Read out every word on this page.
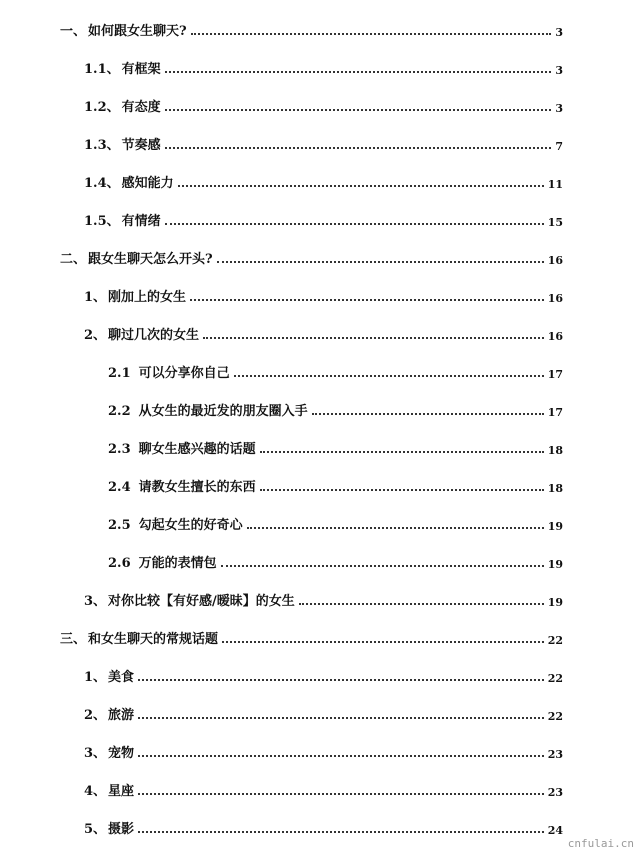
一、 如何跟女生聊天?	3
1.1、 有框架	3
1.2、 有态度	3
1.3、 节奏感	7
1.4、 感知能力	11
1.5、 有情绪	15
二、 跟女生聊天怎么开头?	16
1、 刚加上的女生	16
2、 聊过几次的女生	16
2.1 可以分享你自己	17
2.2 从女生的最近发的朋友圈入手	17
2.3 聊女生感兴趣的话题	18
2.4 请教女生擅长的东西	18
2.5 勾起女生的好奇心	19
2.6 万能的表情包	19
3、 对你比较【有好感/暧昧】的女生	19
三、 和女生聊天的常规话题	22
1、 美食	22
2、 旅游	22
3、 宠物	23
4、 星座	23
5、 摄影	24
cnfulai.cn
